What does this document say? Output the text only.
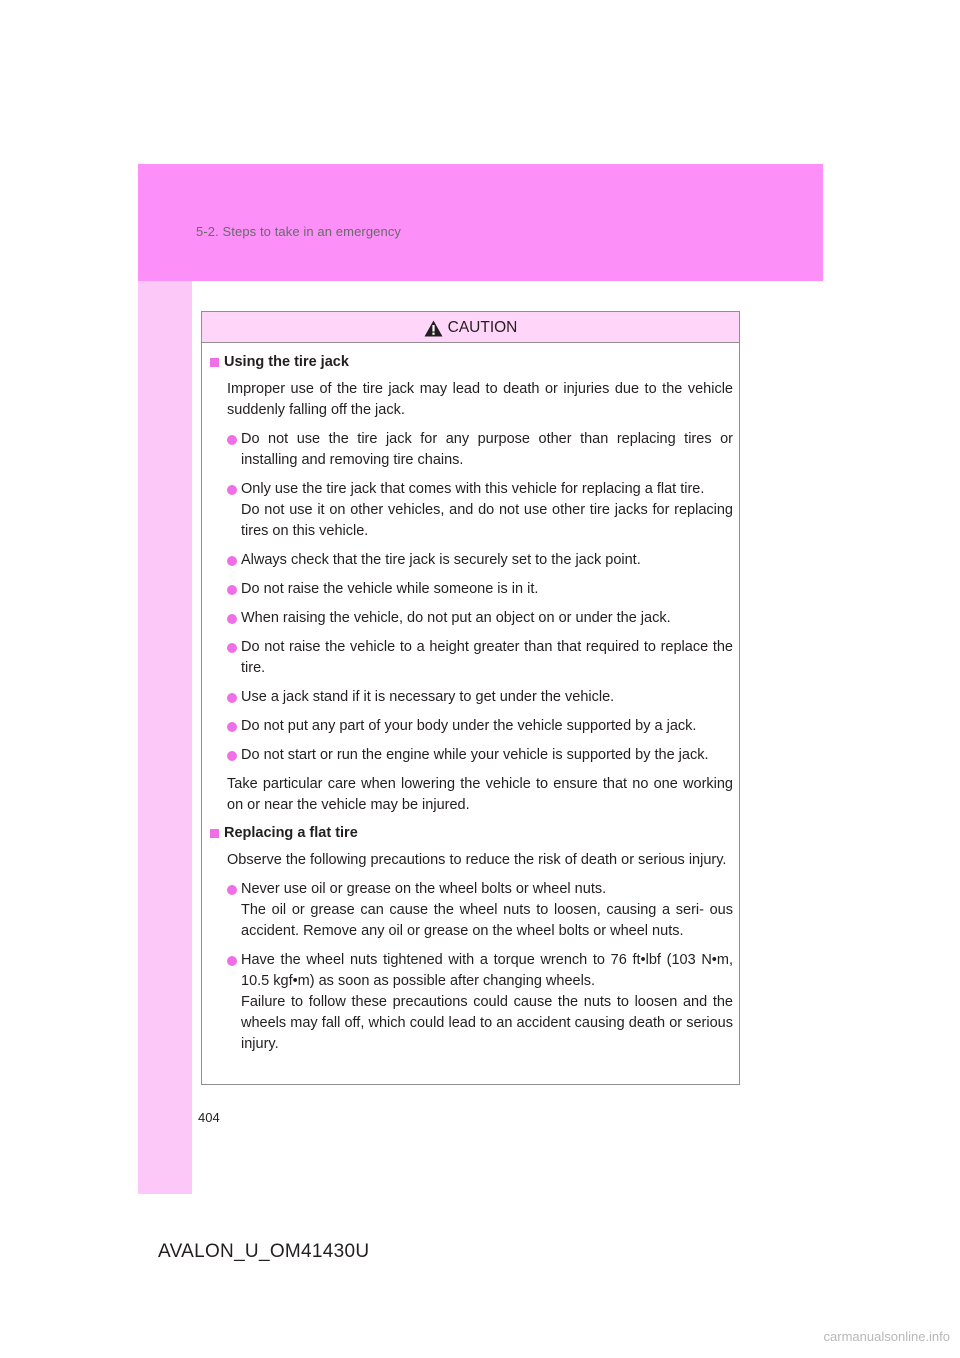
5-2. Steps to take in an emergency
CAUTION
Using the tire jack

Improper use of the tire jack may lead to death or injuries due to the vehicle suddenly falling off the jack.

Do not use the tire jack for any purpose other than replacing tires or installing and removing tire chains.
Only use the tire jack that comes with this vehicle for replacing a flat tire.
Do not use it on other vehicles, and do not use other tire jacks for replacing tires on this vehicle.
Always check that the tire jack is securely set to the jack point.
Do not raise the vehicle while someone is in it.
When raising the vehicle, do not put an object on or under the jack.
Do not raise the vehicle to a height greater than that required to replace the tire.
Use a jack stand if it is necessary to get under the vehicle.
Do not put any part of your body under the vehicle supported by a jack.
Do not start or run the engine while your vehicle is supported by the jack.

Take particular care when lowering the vehicle to ensure that no one working on or near the vehicle may be injured.

Replacing a flat tire

Observe the following precautions to reduce the risk of death or serious injury.

Never use oil or grease on the wheel bolts or wheel nuts.
The oil or grease can cause the wheel nuts to loosen, causing a seri- ous accident. Remove any oil or grease on the wheel bolts or wheel nuts.
Have the wheel nuts tightened with a torque wrench to 76 ft•lbf (103 N•m, 10.5 kgf•m) as soon as possible after changing wheels.
Failure to follow these precautions could cause the nuts to loosen and the wheels may fall off, which could lead to an accident causing death or serious injury.
404
AVALON_U_OM41430U
carmanualsonline.info
